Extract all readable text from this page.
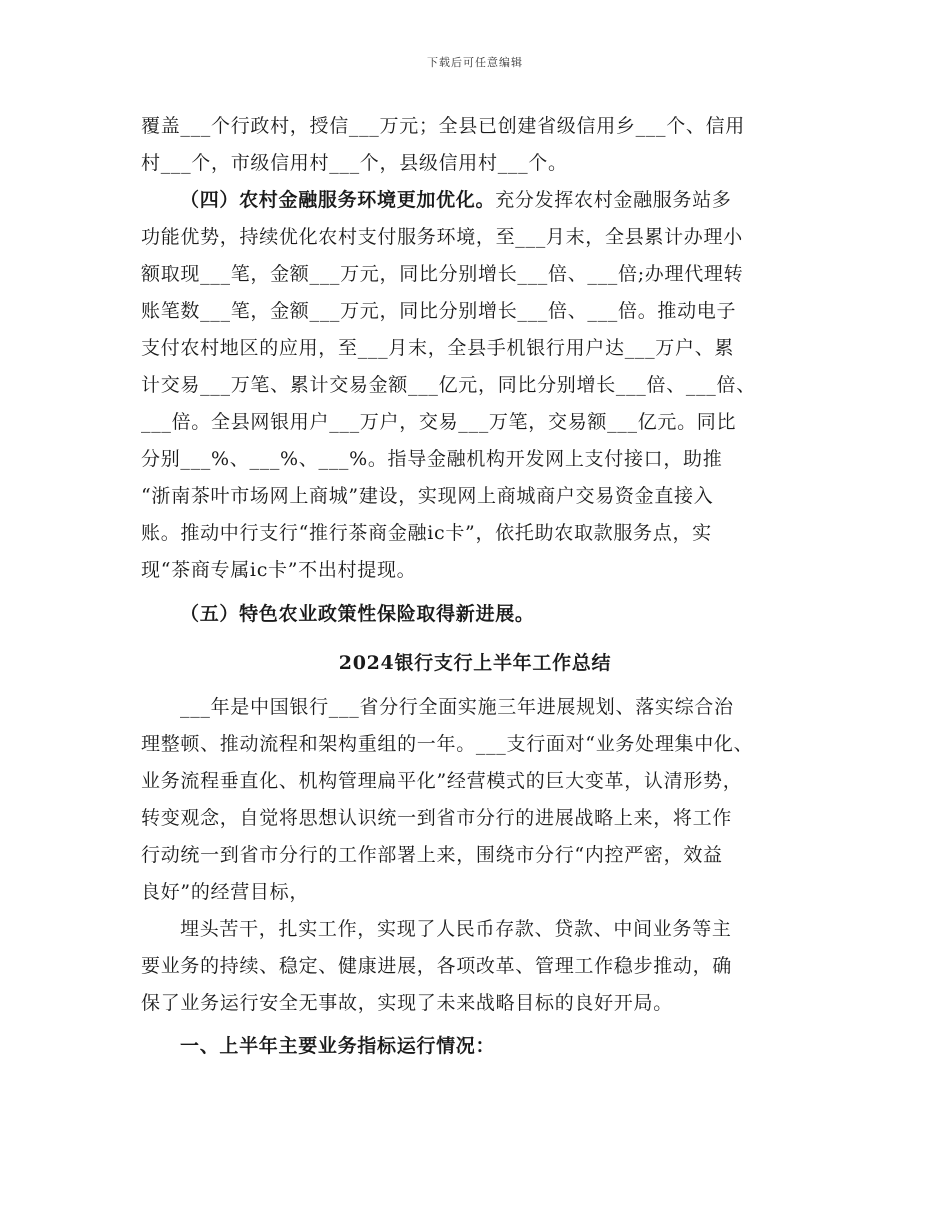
下载后可任意编辑
覆盖___个行政村，授信___万元；全县已创建省级信用乡___个、信用
村___个，市级信用村___个，县级信用村___个。
（四）农村金融服务环境更加优化。充分发挥农村金融服务站多
功能优势，持续优化农村支付服务环境，至___月末，全县累计办理小
额取现___笔，金额___万元，同比分别增长___倍、___倍;办理代理转
账笔数___笔，金额___万元，同比分别增长___倍、___倍。推动电子
支付农村地区的应用，至___月末，全县手机银行用户达___万户、累
计交易___万笔、累计交易金额___亿元，同比分别增长___倍、___倍、
___倍。全县网银用户___万户，交易___万笔，交易额___亿元。同比
分别___%、___%、___%。指导金融机构开发网上支付接口，助推
“浙南茶叶市场网上商城”建设，实现网上商城商户交易资金直接入
账。推动中行支行“推行茶商金融ic卡”，依托助农取款服务点，实
现“茶商专属ic卡”不出村提现。
（五）特色农业政策性保险取得新进展。
2024银行支行上半年工作总结
___年是中国银行___省分行全面实施三年进展规划、落实综合治
理整顿、推动流程和架构重组的一年。___支行面对“业务处理集中化、
业务流程垂直化、机构管理扁平化”经营模式的巨大变革，认清形势，
转变观念，自觉将思想认识统一到省市分行的进展战略上来，将工作
行动统一到省市分行的工作部署上来，围绕市分行“内控严密，效益
良好”的经营目标，
埋头苦干，扎实工作，实现了人民币存款、贷款、中间业务等主
要业务的持续、稳定、健康进展，各项改革、管理工作稳步推动，确
保了业务运行安全无事故，实现了未来战略目标的良好开局。
一、上半年主要业务指标运行情况：
